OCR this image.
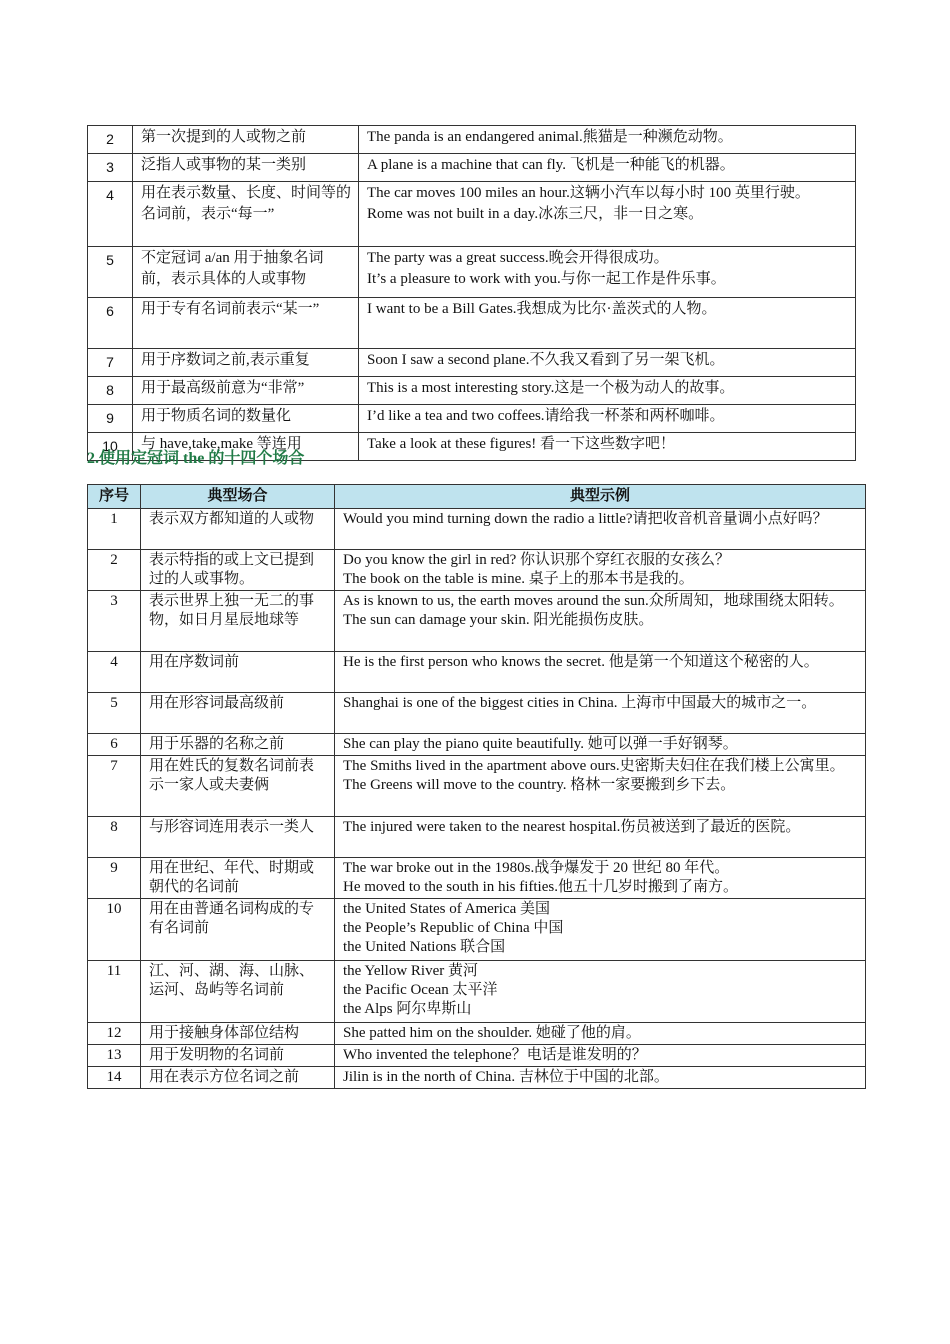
2	第一次提到的人或物之前	The panda is an endangered animal.熊猫是一种濒危动物。

3	泛指人或事物的某一类别	A plane is a machine that can fly. 飞机是一种能飞的机器。

4	用在表示数量、长度、时间等的名词前，表示“每一”	The car moves 100 miles an hour.这辆小汽车以每小时 100 英里行驶。
Rome was not built in a day.冰冻三尺，非一日之寒。

5	不定冠词 a/an 用于抽象名词前，表示具体的人或事物	The party was a great success.晚会开得很成功。
It’s a pleasure to work with you.与你一起工作是件乐事。

6	用于专有名词前表示“某一”	I want to be a Bill Gates.我想成为比尔·盖茨式的人物。

7	用于序数词之前,表示重复	Soon I saw a second plane.不久我又看到了另一架飞机。

8	用于最高级前意为“非常”	This is a most interesting story.这是一个极为动人的故事。

9	用于物质名词的数量化	I’d like a tea and two coffees.请给我一杯茶和两杯咖啡。

10	与 have,take,make 等连用	Take a look at these figures! 看一下这些数字吧！
2.使用定冠词 the 的十四个场合
序号	典型场合	典型示例
1	表示双方都知道的人或物	Would you mind turning down the radio a little?请把收音机音量调小点好吗？

2	表示特指的或上文已提到过的人或事物。	Do you know the girl in red? 你认识那个穿红衣服的女孩么？
The book on the table is mine. 桌子上的那本书是我的。

3	表示世界上独一无二的事物，如日月星辰地球等	As is known to us, the earth moves around the sun.众所周知，地球围绕太阳转。
The sun can damage your skin. 阳光能损伤皮肤。

4	用在序数词前	He is the first person who knows the secret. 他是第一个知道这个秘密的人。

5	用在形容词最高级前	Shanghai is one of the biggest cities in China. 上海市中国最大的城市之一。

6	用于乐器的名称之前	She can play the piano quite beautifully. 她可以弹一手好钢琴。

7	用在姓氏的复数名词前表示一家人或夫妻俩	The Smiths lived in the apartment above ours.史密斯夫妇住在我们楼上公寓里。
The Greens will move to the country. 格林一家要搬到乡下去。

8	与形容词连用表示一类人	The injured were taken to the nearest hospital.伤员被送到了最近的医院。

9	用在世纪、年代、时期或朝代的名词前	The war broke out in the 1980s.战争爆发于 20 世纪 80 年代。
He moved to the south in his fifties.他五十几岁时搬到了南方。

10	用在由普通名词构成的专有名词前	the United States of America 美国
the People’s Republic of China 中国
the United Nations 联合国

11	江、河、湖、海、山脉、运河、岛屿等名词前	the Yellow River 黄河
the Pacific Ocean 太平洋
the Alps 阿尔卑斯山

12	用于接触身体部位结构	She patted him on the shoulder. 她碰了他的肩。

13	用于发明物的名词前	Who invented the telephone？电话是谁发明的？

14	用在表示方位名词之前	Jilin is in the north of China. 吉林位于中国的北部。
